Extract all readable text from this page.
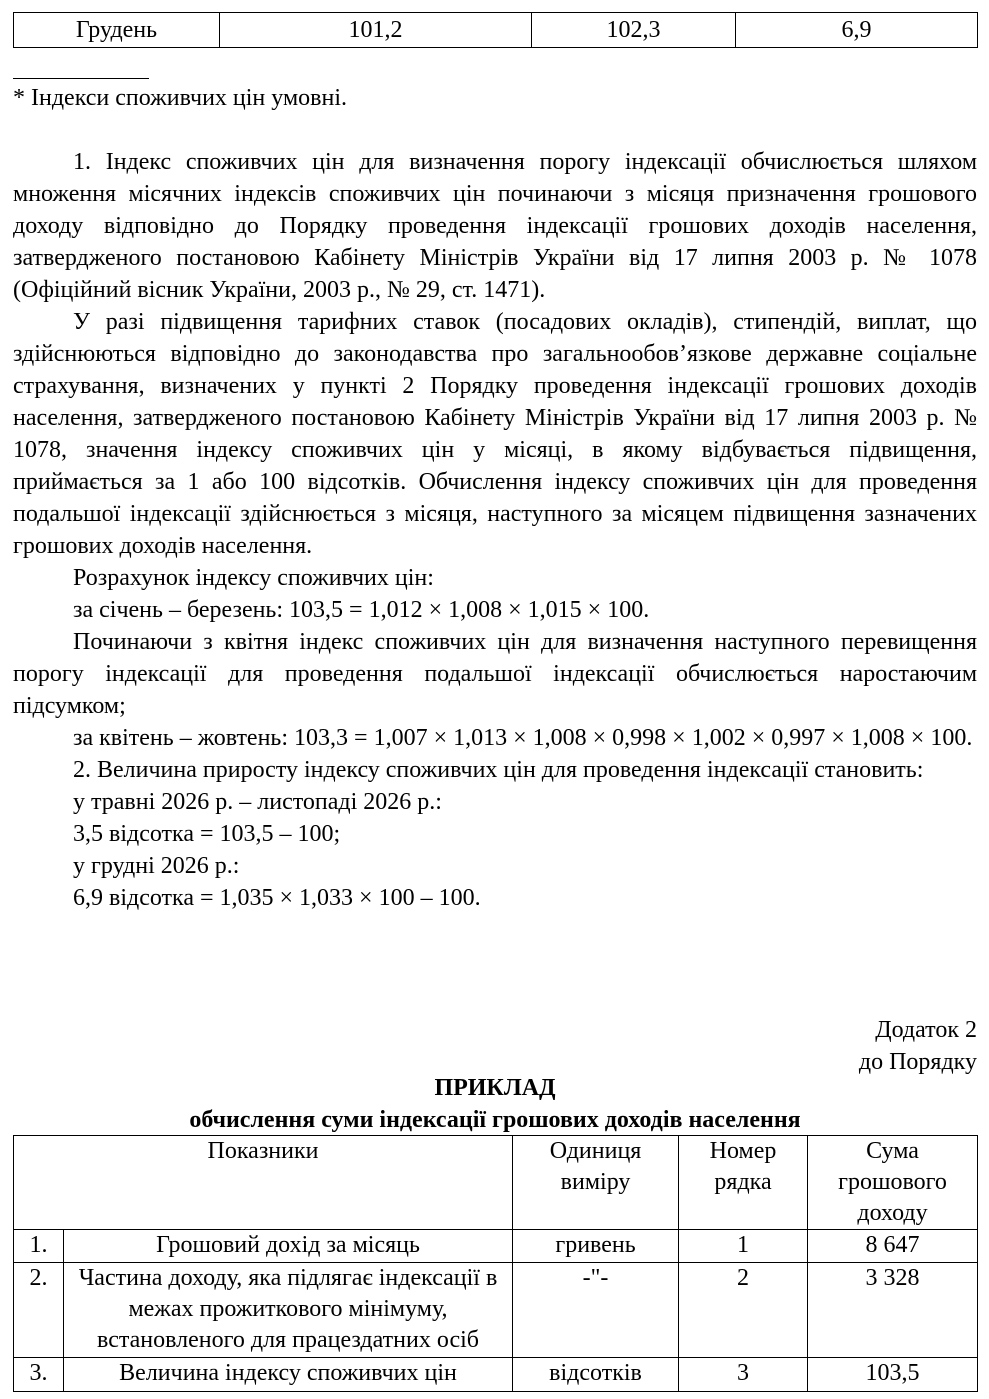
Грудень	101,2	102,3	6,9
* Індекси споживчих цін умовні.

1. Індекс споживчих цін для визначення порогу індексації обчислюється шляхом множення місячних індексів споживчих цін починаючи з місяця призначення грошового доходу відповідно до Порядку проведення індексації грошових доходів населення, затвердженого постановою Кабінету Міністрів України від 17 липня 2003 р. № 1078 (Офіційний вісник України, 2003 р., № 29, ст. 1471).

У разі підвищення тарифних ставок (посадових окладів), стипендій, виплат, що здійснюються відповідно до законодавства про загальнообов’язкове державне соціальне страхування, визначених у пункті 2 Порядку проведення індексації грошових доходів населення, затвердженого постановою Кабінету Міністрів України від 17 липня 2003 р. № 1078, значення індексу споживчих цін у місяці, в якому відбувається підвищення, приймається за 1 або 100 відсотків. Обчислення індексу споживчих цін для проведення подальшої індексації здійснюється з місяця, наступного за місяцем підвищення зазначених грошових доходів населення.

Розрахунок індексу споживчих цін:

за січень – березень: 103,5 = 1,012 × 1,008 × 1,015 × 100.

Починаючи з квітня індекс споживчих цін для визначення наступного перевищення порогу індексації для проведення подальшої індексації обчислюється наростаючим підсумком;

за квітень – жовтень: 103,3 = 1,007 × 1,013 × 1,008 × 0,998 × 1,002 × 0,997 × 1,008 × 100.

2. Величина приросту індексу споживчих цін для проведення індексації становить:

у травні 2026 р. – листопаді 2026 р.:

3,5 відсотка = 103,5 – 100;

у грудні 2026 р.:

6,9 відсотка = 1,035 × 1,033 × 100 – 100.

Додаток 2
до Порядку
ПРИКЛАД
обчислення суми індексації грошових доходів населення
Показники		Одиниця виміру	Номер рядка	Сума грошового доходу
1.	Грошовий дохід за місяць	гривень	1	8 647
2.	Частина доходу, яка підлягає індексації в межах прожиткового мінімуму, встановленого для працездатних осіб	-"-	2	3 328
3.	Величина індексу споживчих цін	відсотків	3	103,5
